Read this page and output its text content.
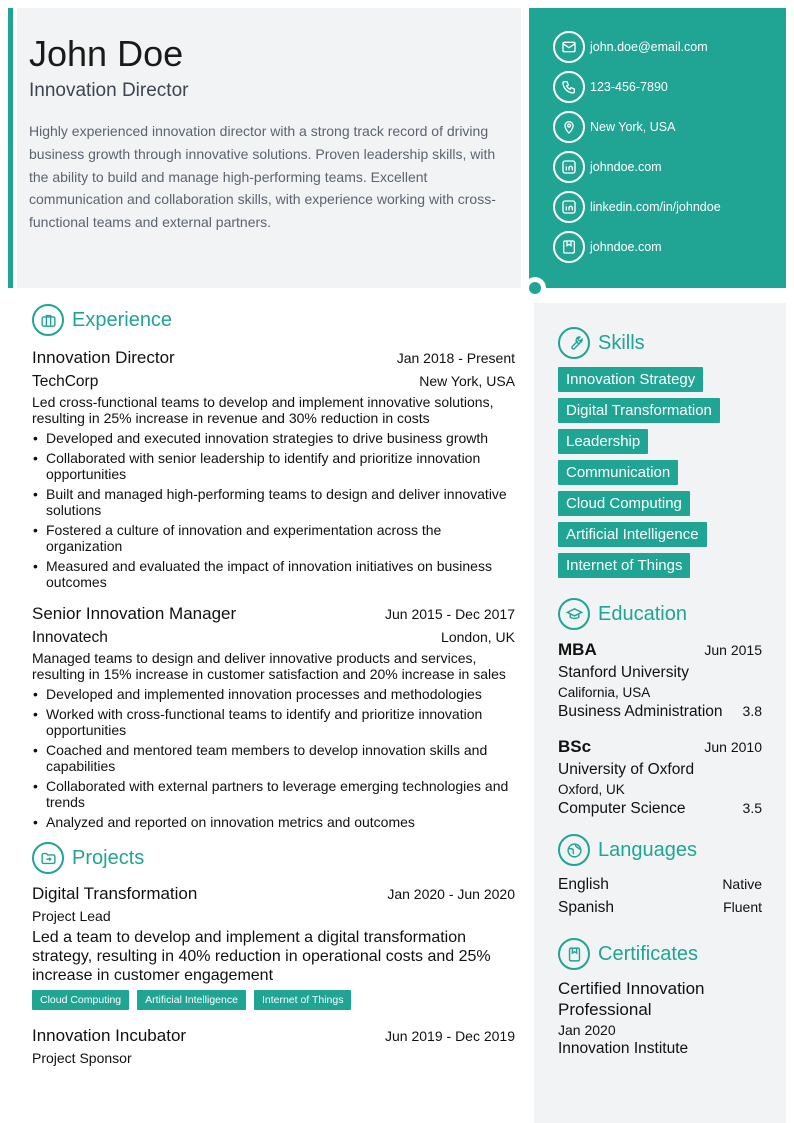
John Doe
Innovation Director
Highly experienced innovation director with a strong track record of driving business growth through innovative solutions. Proven leadership skills, with the ability to build and manage high-performing teams. Excellent communication and collaboration skills, with experience working with cross-functional teams and external partners.
john.doe@email.com
123-456-7890
New York, USA
johndoe.com
linkedin.com/in/johndoe
johndoe.com
Experience
Innovation Director	Jan 2018 - Present
TechCorp	New York, USA
Led cross-functional teams to develop and implement innovative solutions, resulting in 25% increase in revenue and 30% reduction in costs
• Developed and executed innovation strategies to drive business growth
• Collaborated with senior leadership to identify and prioritize innovation opportunities
• Built and managed high-performing teams to design and deliver innovative solutions
• Fostered a culture of innovation and experimentation across the organization
• Measured and evaluated the impact of innovation initiatives on business outcomes
Senior Innovation Manager	Jun 2015 - Dec 2017
Innovatech	London, UK
Managed teams to design and deliver innovative products and services, resulting in 15% increase in customer satisfaction and 20% increase in sales
• Developed and implemented innovation processes and methodologies
• Worked with cross-functional teams to identify and prioritize innovation opportunities
• Coached and mentored team members to develop innovation skills and capabilities
• Collaborated with external partners to leverage emerging technologies and trends
• Analyzed and reported on innovation metrics and outcomes
Projects
Digital Transformation	Jan 2020 - Jun 2020
Project Lead
Led a team to develop and implement a digital transformation strategy, resulting in 40% reduction in operational costs and 25% increase in customer engagement
Cloud Computing	Artificial Intelligence	Internet of Things
Innovation Incubator	Jun 2019 - Dec 2019
Project Sponsor
Skills
Innovation Strategy
Digital Transformation
Leadership
Communication
Cloud Computing
Artificial Intelligence
Internet of Things
Education
MBA	Jun 2015
Stanford University
California, USA
Business Administration 3.8
BSc	Jun 2010
University of Oxford
Oxford, UK
Computer Science	3.5
Languages
English	Native
Spanish	Fluent
Certificates
Certified Innovation Professional
Jan 2020
Innovation Institute
